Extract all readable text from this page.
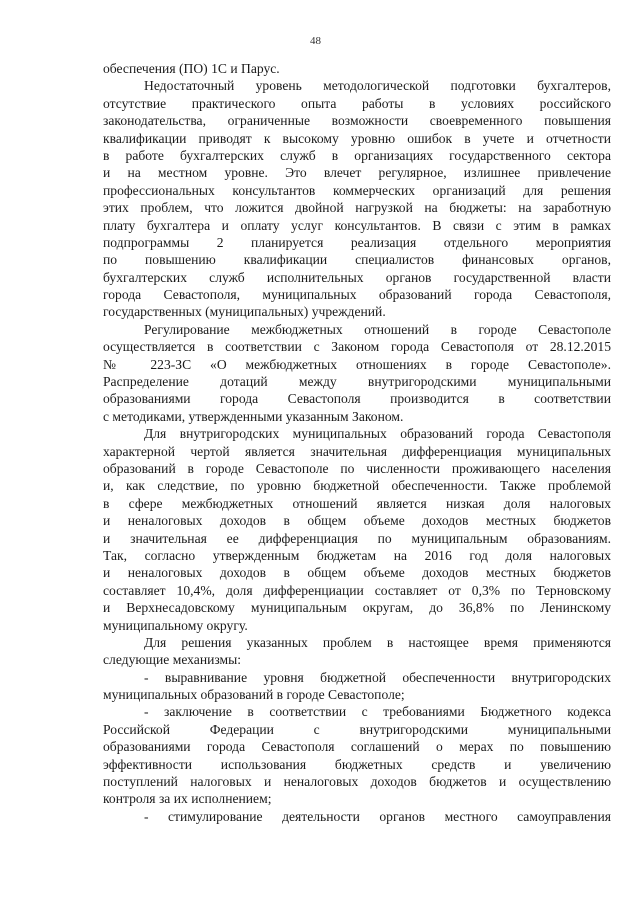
48
обеспечения (ПО) 1С и Парус.
Недостаточный уровень методологической подготовки бухгалтеров,
отсутствие практического опыта работы в условиях российского
законодательства, ограниченные возможности своевременного повышения
квалификации приводят к высокому уровню ошибок в учете и отчетности
в работе бухгалтерских служб в организациях государственного сектора
и на местном уровне. Это влечет регулярное, излишнее привлечение
профессиональных консультантов коммерческих организаций для решения
этих проблем, что ложится двойной нагрузкой на бюджеты: на заработную
плату бухгалтера и оплату услуг консультантов. В связи с этим в рамках
подпрограммы 2 планируется реализация отдельного мероприятия
по повышению квалификации специалистов финансовых органов,
бухгалтерских служб исполнительных органов государственной власти
города Севастополя, муниципальных образований города Севастополя,
государственных (муниципальных) учреждений.
Регулирование межбюджетных отношений в городе Севастополе
осуществляется в соответствии с Законом города Севастополя от 28.12.2015
№ 223-ЗС «О межбюджетных отношениях в городе Севастополе».
Распределение дотаций между внутригородскими муниципальными
образованиями города Севастополя производится в соответствии
с методиками, утвержденными указанным Законом.
Для внутригородских муниципальных образований города Севастополя
характерной чертой является значительная дифференциация муниципальных
образований в городе Севастополе по численности проживающего населения
и, как следствие, по уровню бюджетной обеспеченности. Также проблемой
в сфере межбюджетных отношений является низкая доля налоговых
и неналоговых доходов в общем объеме доходов местных бюджетов
и значительная ее дифференциация по муниципальным образованиям.
Так, согласно утвержденным бюджетам на 2016 год доля налоговых
и неналоговых доходов в общем объеме доходов местных бюджетов
составляет 10,4%, доля дифференциации составляет от 0,3% по Терновскому
и Верхнесадовскому муниципальным округам, до 36,8% по Ленинскому
муниципальному округу.
Для решения указанных проблем в настоящее время применяются
следующие механизмы:
- выравнивание уровня бюджетной обеспеченности внутригородских
муниципальных образований в городе Севастополе;
- заключение в соответствии с требованиями Бюджетного кодекса
Российской Федерации с внутригородскими муниципальными
образованиями города Севастополя соглашений о мерах по повышению
эффективности использования бюджетных средств и увеличению
поступлений налоговых и неналоговых доходов бюджетов и осуществлению
контроля за их исполнением;
- стимулирование деятельности органов местного самоуправления
